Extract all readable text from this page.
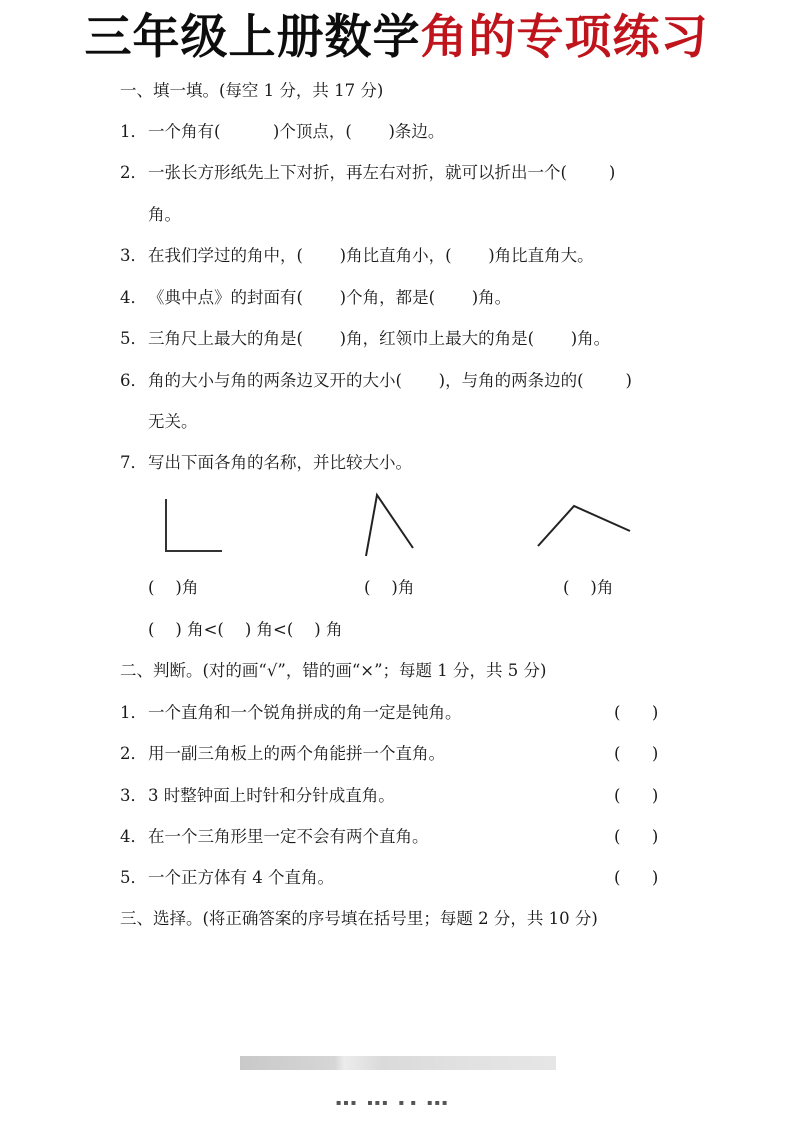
三年级上册数学角的专项练习
一、填一填。(每空 1 分，共 17 分)
1．一个角有(          )个顶点，(       )条边。
2．一张长方形纸先上下对折，再左右对折，就可以折出一个(        )
角。
3．在我们学过的角中，(       )角比直角小，(       )角比直角大。
4．《典中点》的封面有(       )个角，都是(       )角。
5．三角尺上最大的角是(       )角，红领巾上最大的角是(       )角。
6．角的大小与角的两条边叉开的大小(       )，与角的两条边的(        )
无关。
7．写出下面各角的名称，并比较大小。
(    )角	(    )角	(    )角
(    ) 角<(    ) 角<(    ) 角
二、判断。(对的画“√”，错的画“×”；每题 1 分，共 5 分)
1．一个直角和一个锐角拼成的角一定是钝角。	(      )
2．用一副三角板上的两个角能拼一个直角。	(      )
3．3 时整钟面上时针和分针成直角。	(      )
4．在一个三角形里一定不会有两个直角。	(      )
5．一个正方体有 4 个直角。	(      )
三、选择。(将正确答案的序号填在括号里；每题 2 分，共 10 分)
▪▪▪  ▪▪▪  ▪ ▪  ▪▪▪
